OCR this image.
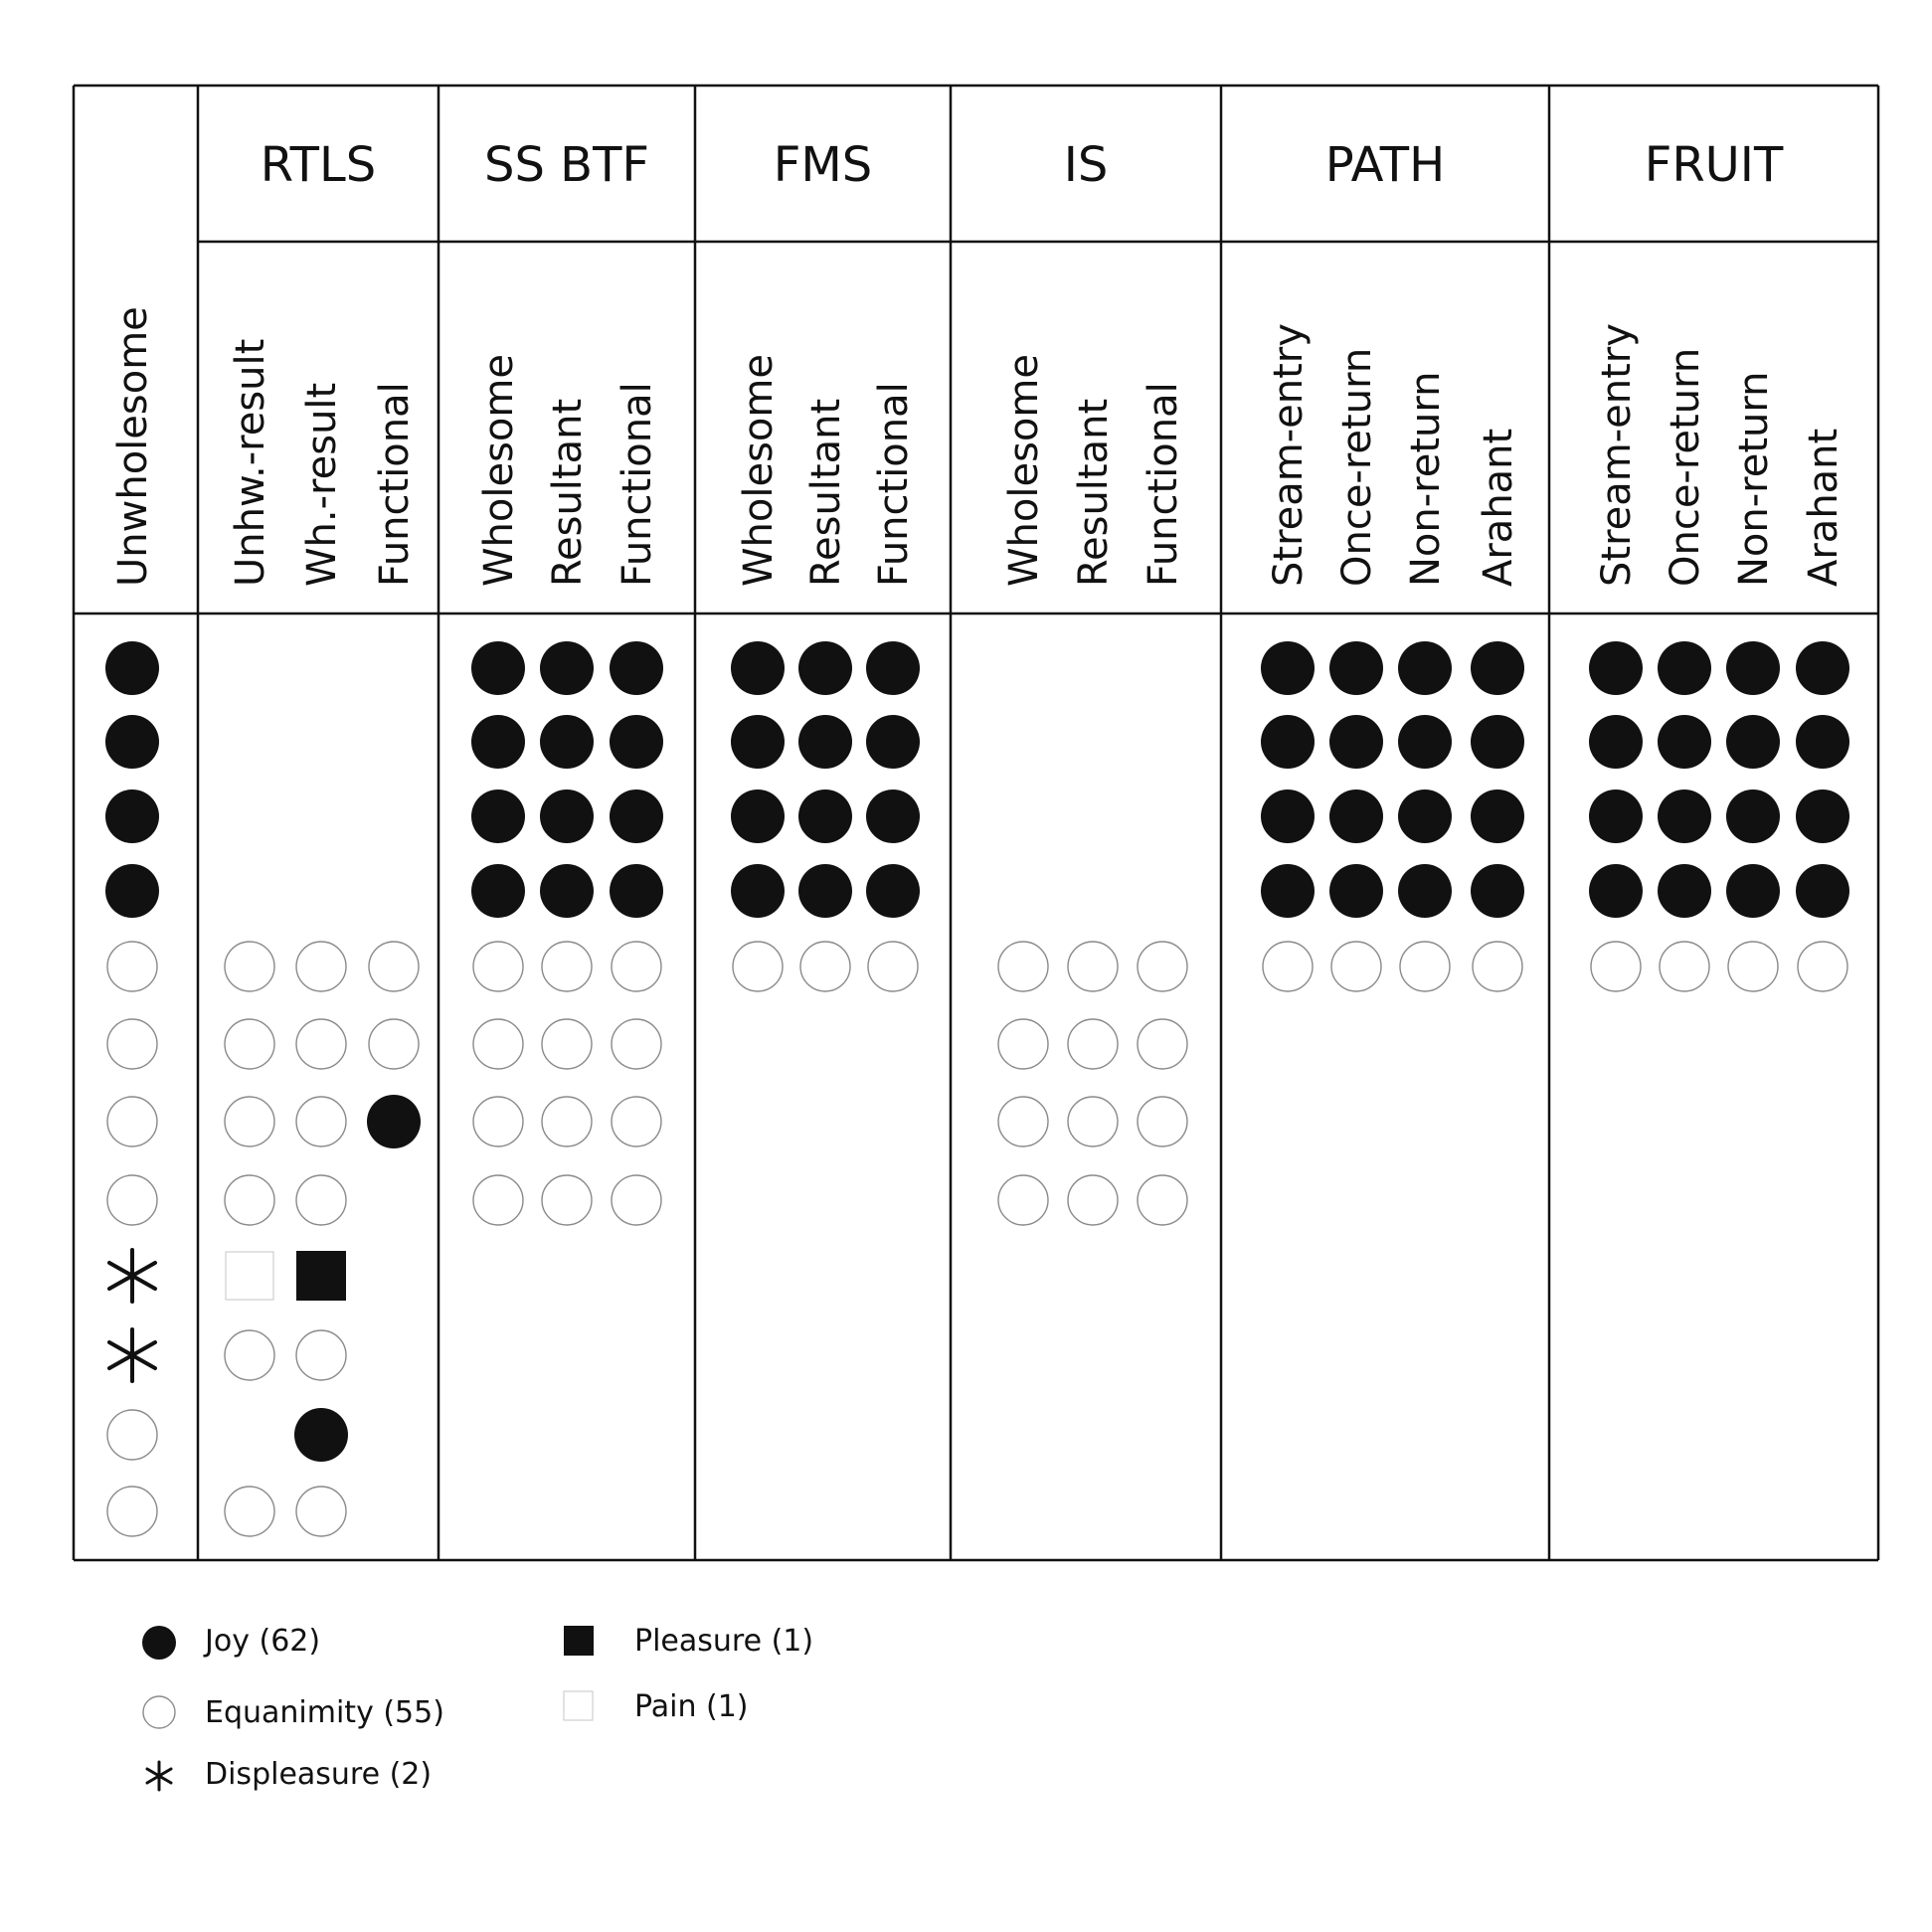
Unwholesome
RTLS
Unhw.-result Wh.-result Functional
SS BTF
Wholesome Resultant Functional
FMS
Wholesome Resultant Functional
IS
Wholesome Resultant Functional
PATH
Stream-entry Once-return Non-return Arahant
FRUIT
Stream-entry Once-return Non-return Arahant
Joy (62)
Equanimity (55)
Displeasure (2)
Pleasure (1)
Pain (1)
